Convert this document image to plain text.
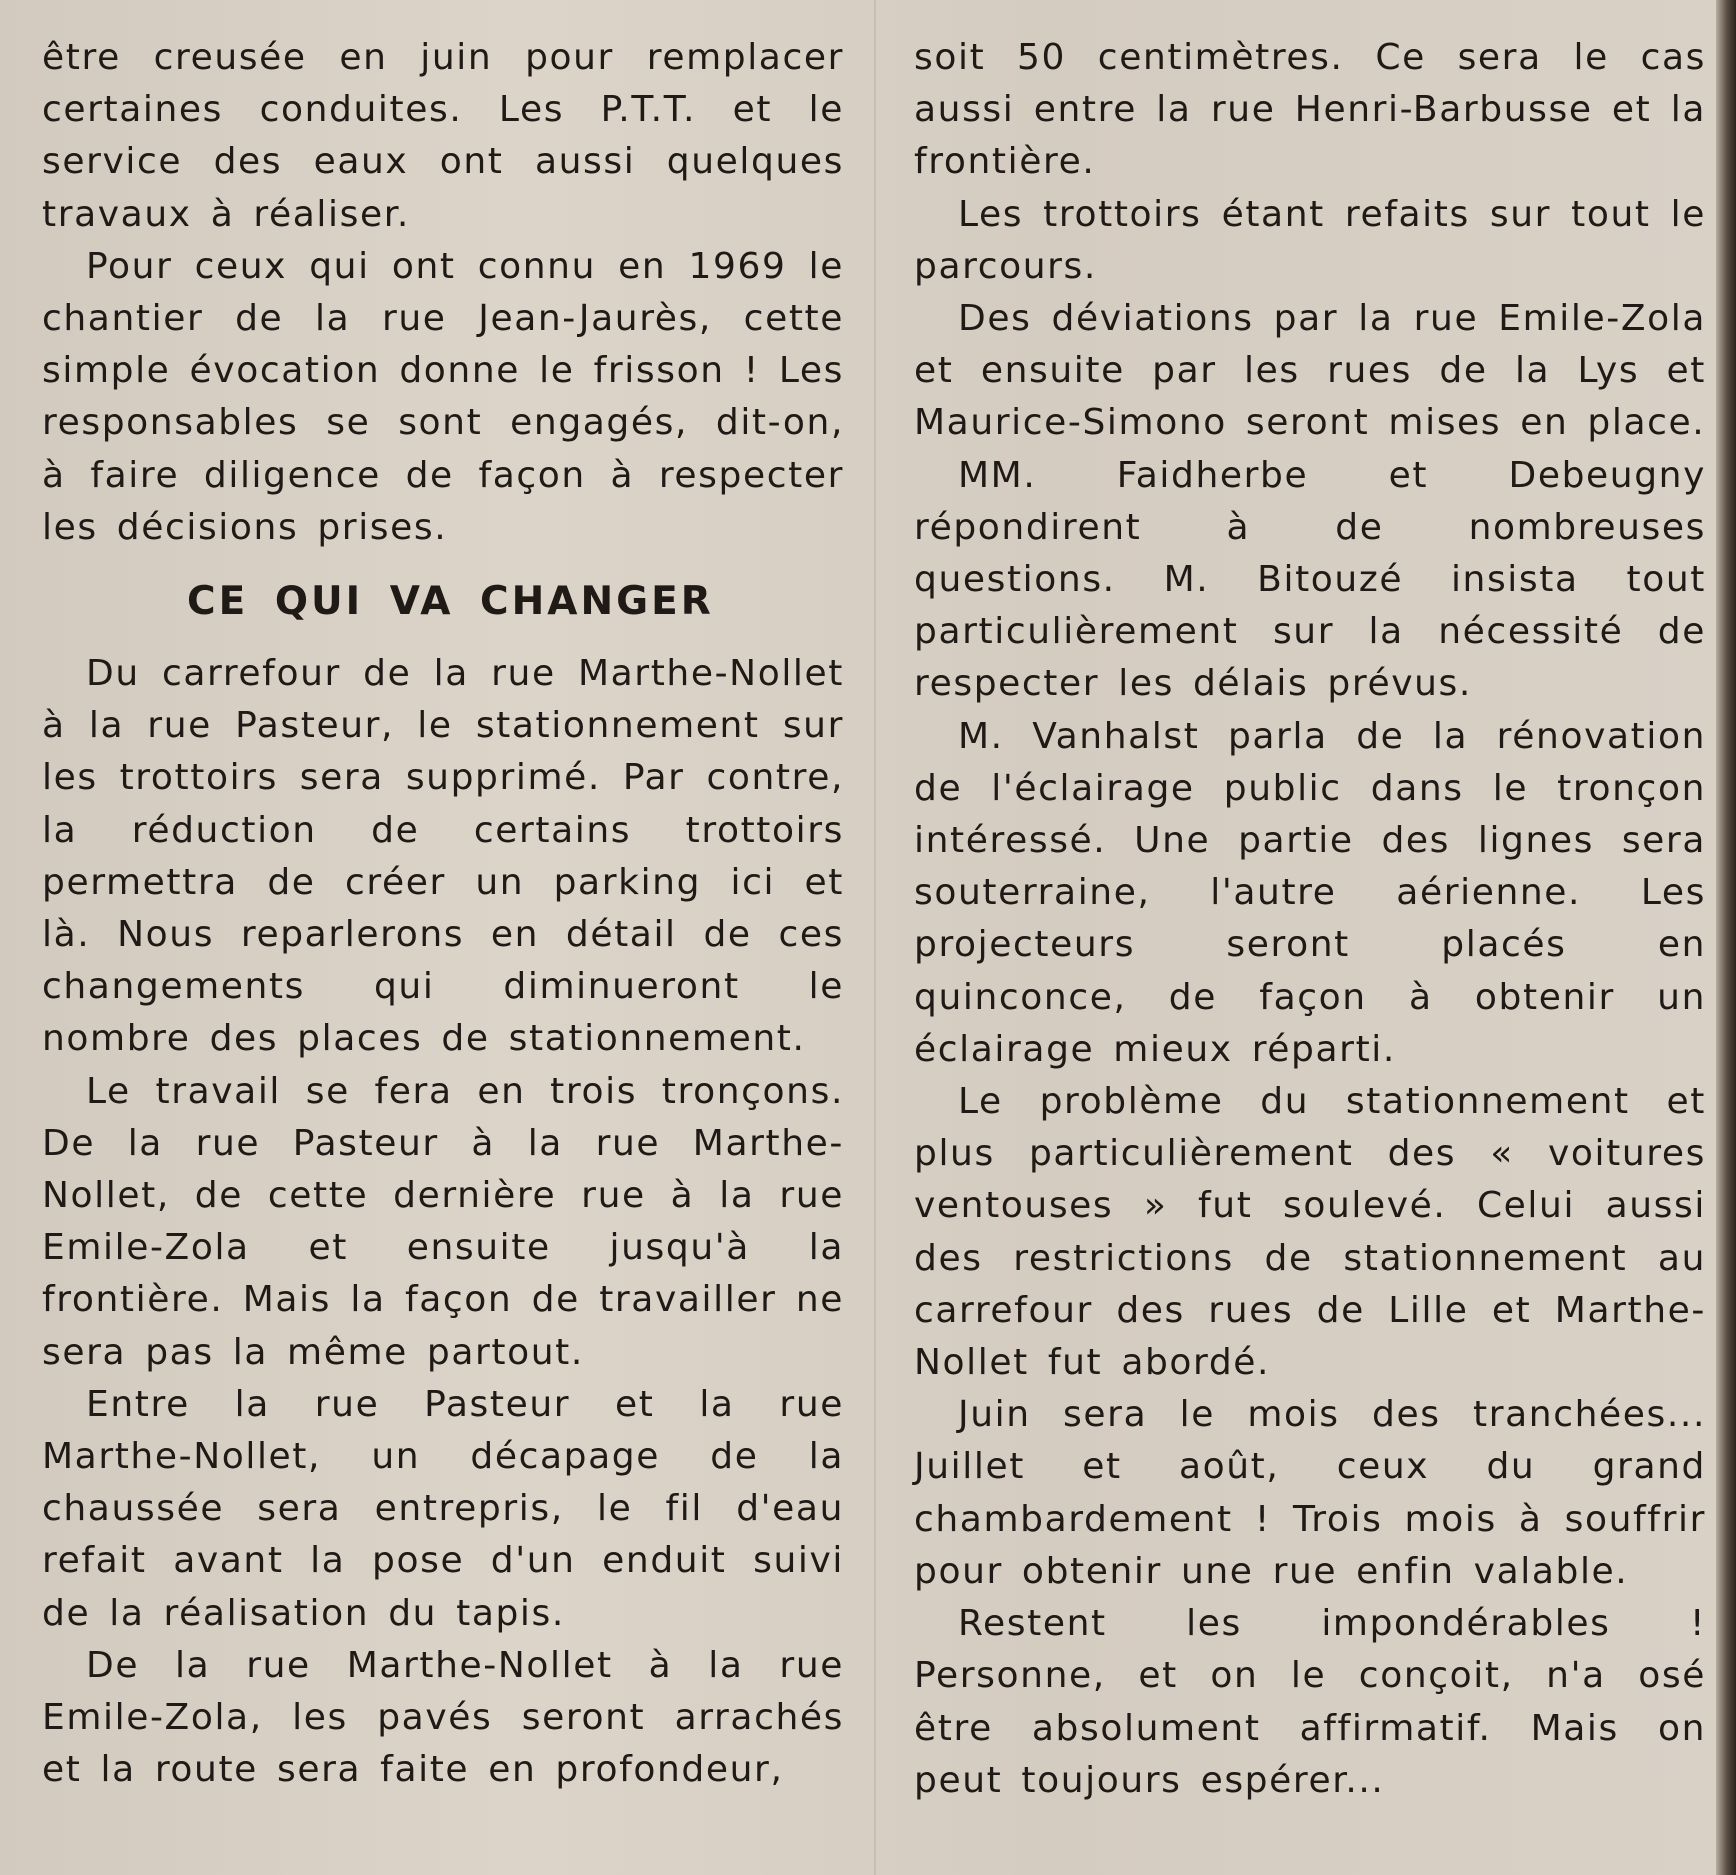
être creusée en juin pour remplacer certaines conduites. Les P.T.T. et le service des eaux ont aussi quelques travaux à réaliser.

Pour ceux qui ont connu en 1969 le chantier de la rue Jean-Jaurès, cette simple évocation donne le frisson ! Les responsables se sont engagés, dit-on, à faire diligence de façon à respecter les décisions prises.

CE QUI VA CHANGER

Du carrefour de la rue Marthe-Nollet à la rue Pasteur, le stationnement sur les trottoirs sera supprimé. Par contre, la réduction de certains trottoirs permettra de créer un parking ici et là. Nous reparlerons en détail de ces changements qui diminueront le nombre des places de stationnement.

Le travail se fera en trois tronçons. De la rue Pasteur à la rue Marthe-Nollet, de cette dernière rue à la rue Emile-Zola et ensuite jusqu'à la frontière. Mais la façon de travailler ne sera pas la même partout.

Entre la rue Pasteur et la rue Marthe-Nollet, un décapage de la chaussée sera entrepris, le fil d'eau refait avant la pose d'un enduit suivi de la réalisation du tapis.

De la rue Marthe-Nollet à la rue Emile-Zola, les pavés seront arrachés et la route sera faite en profondeur,

soit 50 centimètres. Ce sera le cas aussi entre la rue Henri-Barbusse et la frontière.

Les trottoirs étant refaits sur tout le parcours.

Des déviations par la rue Emile-Zola et ensuite par les rues de la Lys et Maurice-Simono seront mises en place.

MM. Faidherbe et Debeugny répondirent à de nombreuses questions. M. Bitouzé insista tout particulièrement sur la nécessité de respecter les délais prévus.

M. Vanhalst parla de la rénovation de l'éclairage public dans le tronçon intéressé. Une partie des lignes sera souterraine, l'autre aérienne. Les projecteurs seront placés en quinconce, de façon à obtenir un éclairage mieux réparti.

Le problème du stationnement et plus particulièrement des « voitures ventouses » fut soulevé. Celui aussi des restrictions de stationnement au carrefour des rues de Lille et Marthe-Nollet fut abordé.

Juin sera le mois des tranchées... Juillet et août, ceux du grand chambardement ! Trois mois à souffrir pour obtenir une rue enfin valable.

Restent les impondérables ! Personne, et on le conçoit, n'a osé être absolument affirmatif. Mais on peut toujours espérer...
